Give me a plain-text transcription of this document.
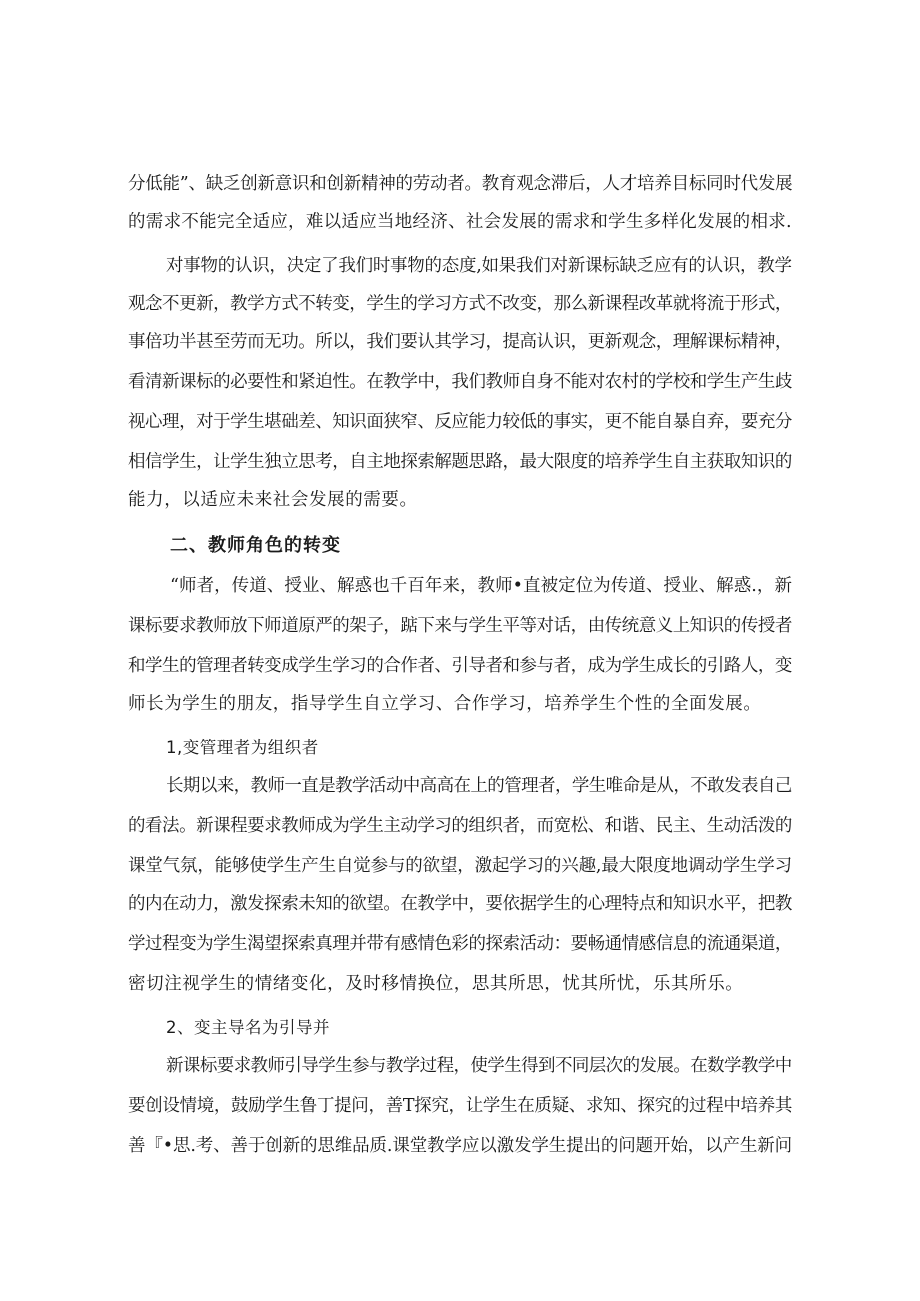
分低能”、缺乏创新意识和创新精神的劳动者。教育观念滞后，人才培养目标同时代发展
的需求不能完全适应，难以适应当地经济、社会发展的需求和学生多样化发展的相求.
对事物的认识，决定了我们时事物的态度,如果我们对新课标缺乏应有的认识，教学
观念不更新，教学方式不转变，学生的学习方式不改变，那么新课程改革就将流于形式，
事倍功半甚至劳而无功。所以，我们要认其学习，提高认识，更新观念，理解课标精神，
看清新课标的必要性和紧迫性。在教学中，我们教师自身不能对农村的学校和学生产生歧
视心理，对于学生堪础差、知识面狭窄、反应能力较低的事实，更不能自暴自弃，要充分
相信学生，让学生独立思考，自主地探索解题思路，最大限度的培养学生自主获取知识的
能力，以适应未来社会发展的需要。
二、教师角色的转变
“师者，传道、授业、解惑也千百年来，教师•直被定位为传道、授业、解惑.，新
课标要求教师放下师道原严的架子，踮下来与学生平等对话，由传统意义上知识的传授者
和学生的管理者转变成学生学习的合作者、引导者和参与者，成为学生成长的引路人，变
师长为学生的朋友，指导学生自立学习、合作学习，培养学生个性的全面发展。
1,变管理者为组织者
长期以来，教师一直是教学活动中高高在上的管理者，学生唯命是从，不敢发表自己
的看法。新课程要求教师成为学生主动学习的组织者，而宽松、和谐、民主、生动活泼的
课堂气氛，能够使学生产生自觉参与的欲望，激起学习的兴趣,最大限度地调动学生学习
的内在动力，激发探索未知的欲望。在教学中，要依据学生的心理特点和知识水平，把教
学过程变为学生渴望探索真理并带有感情色彩的探索活动：要畅通情感信息的流通渠道，
密切注视学生的情绪变化，及时移情换位，思其所思，忧其所忧，乐其所乐。
2、变主导名为引导并
新课标要求教师引导学生参与教学过程，使学生得到不同层次的发展。在数学教学中
要创设情境，鼓励学生鲁丁提问，善T探究，让学生在质疑、求知、探究的过程中培养其
善『•思.考、善于创新的思维品质.课堂教学应以激发学生提出的问题开始，以产生新问
